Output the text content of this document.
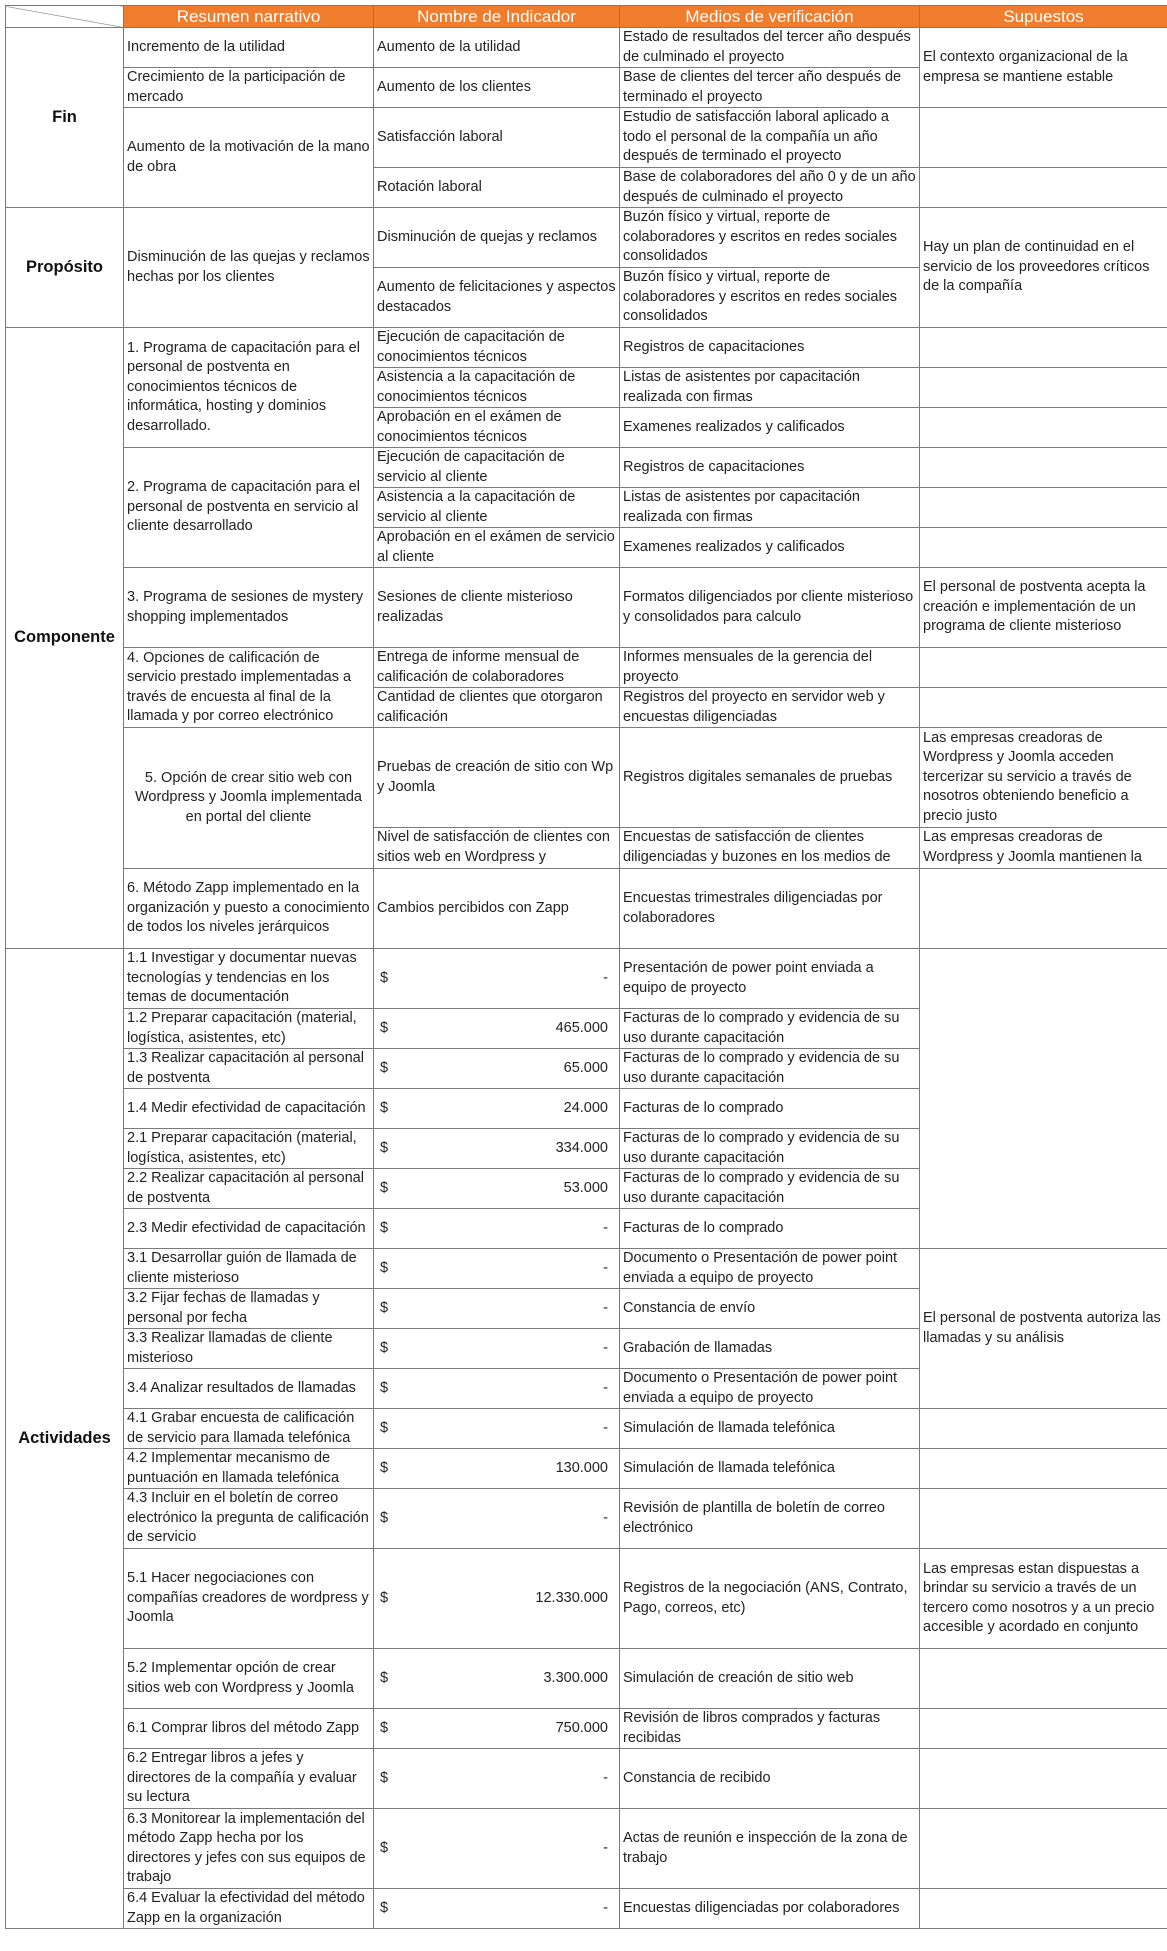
	Resumen narrativo	Nombre de Indicador	Medios de verificación	Supuestos
Fin	Incremento de la utilidad	Aumento de la utilidad	Estado de resultados del tercer año después de culminado el proyecto	El contexto organizacional de la empresa se mantiene estable
	Crecimiento de la participación de mercado	Aumento de los clientes	Base de clientes del tercer año después de terminado el proyecto	
	Aumento de la motivación de la mano de obra	Satisfacción laboral	Estudio de satisfacción laboral aplicado a todo el personal de la compañía un año después de terminado el proyecto	
		Rotación laboral	Base de colaboradores del año 0 y de un año después de culminado el proyecto	
Propósito	Disminución de las quejas y reclamos hechas por los clientes	Disminución de quejas y reclamos	Buzón físico y virtual, reporte de colaboradores y escritos en redes sociales consolidados	Hay un plan de continuidad en el servicio de los proveedores críticos de la compañía
		Aumento de felicitaciones y aspectos destacados	Buzón físico y virtual, reporte de colaboradores y escritos en redes sociales consolidados	
Componente	1. Programa de capacitación para el personal de postventa en conocimientos técnicos de informática, hosting y dominios desarrollado.	Ejecución de capacitación de conocimientos técnicos	Registros de capacitaciones	
		Asistencia a la capacitación de conocimientos técnicos	Listas de asistentes por capacitación realizada con firmas	
		Aprobación en el exámen de conocimientos técnicos	Examenes realizados y calificados	
	2. Programa de capacitación para el personal de postventa en servicio al cliente desarrollado	Ejecución de capacitación de servicio al cliente	Registros de capacitaciones	
		Asistencia a la capacitación de servicio al cliente	Listas de asistentes por capacitación realizada con firmas	
		Aprobación en el exámen de servicio al cliente	Examenes realizados y calificados	
	3. Programa de sesiones de mystery shopping implementados	Sesiones de cliente misterioso realizadas	Formatos diligenciados por cliente misterioso y consolidados para calculo	El personal de postventa acepta la creación e implementación de un programa de cliente misterioso
	4. Opciones de calificación de servicio prestado implementadas a través de encuesta al final de la llamada y por correo electrónico	Entrega de informe mensual de calificación de colaboradores	Informes mensuales de la gerencia del proyecto	
		Cantidad de clientes que otorgaron calificación	Registros del proyecto en servidor web y encuestas diligenciadas	
	5. Opción de crear sitio web con Wordpress y Joomla implementada en portal del cliente	Pruebas de creación de sitio con Wp y Joomla	Registros digitales semanales de pruebas	Las empresas creadoras de Wordpress y Joomla acceden tercerizar su servicio a través de nosotros obteniendo beneficio a precio justo

		Nivel de satisfacción de clientes con sitios web en Wordpress y	Encuestas de satisfacción de clientes diligenciadas y buzones en los medios de	Las empresas creadoras de Wordpress y Joomla mantienen la

	6. Método Zapp implementado en la organización y puesto a conocimiento de todos los niveles jerárquicos	Cambios percibidos con Zapp	Encuestas trimestrales diligenciadas por colaboradores	
Actividades	1.1 Investigar y documentar nuevas tecnologías y tendencias en los temas de documentación	$ -	Presentación de power point enviada a equipo de proyecto	
	1.2 Preparar capacitación (material, logística, asistentes, etc)	$ 465.000	Facturas de lo comprado y evidencia de su uso durante capacitación	
	1.3 Realizar capacitación al personal de postventa	$ 65.000	Facturas de lo comprado y evidencia de su uso durante capacitación	
	1.4 Medir efectividad de capacitación	$ 24.000	Facturas de lo comprado	
	2.1 Preparar capacitación (material, logística, asistentes, etc)	$ 334.000	Facturas de lo comprado y evidencia de su uso durante capacitación	
	2.2 Realizar capacitación al personal de postventa	$ 53.000	Facturas de lo comprado y evidencia de su uso durante capacitación	
	2.3 Medir efectividad de capacitación	$ -	Facturas de lo comprado	
	3.1 Desarrollar guión de llamada de cliente misterioso	$ -	Documento o Presentación de power point enviada a equipo de proyecto	El personal de postventa autoriza las llamadas y su análisis
	3.2 Fijar fechas de llamadas y personal por fecha	$ -	Constancia de envío	
	3.3 Realizar llamadas de cliente misterioso	$ -	Grabación de llamadas	
	3.4 Analizar resultados de llamadas	$ -	Documento o Presentación de power point enviada a equipo de proyecto	
	4.1 Grabar encuesta de calificación de servicio para llamada telefónica	$ -	Simulación de llamada telefónica	
	4.2 Implementar mecanismo de puntuación en llamada telefónica	$ 130.000	Simulación de llamada telefónica	
	4.3 Incluir en el boletín de correo electrónico la pregunta de calificación de servicio	$ -	Revisión de plantilla de boletín de correo electrónico	
	5.1 Hacer negociaciones con compañías creadores de wordpress y Joomla	$ 12.330.000	Registros de la negociación (ANS, Contrato, Pago, correos, etc)	Las empresas estan dispuestas a brindar su servicio a través de un tercero como nosotros y a un precio accesible y acordado en conjunto
	5.2 Implementar opción de crear sitios web con Wordpress y Joomla	$ 3.300.000	Simulación de creación de sitio web	
	6.1 Comprar libros del método Zapp	$ 750.000	Revisión de libros comprados y facturas recibidas	
	6.2 Entregar libros a jefes y directores de la compañía y evaluar su lectura	$ -	Constancia de recibido	
	6.3 Monitorear la implementación del método Zapp hecha por los directores y jefes con sus equipos de trabajo	$ -	Actas de reunión e inspección de la zona de trabajo	
	6.4 Evaluar la efectividad del método Zapp en la organización	$ -	Encuestas diligenciadas por colaboradores	
